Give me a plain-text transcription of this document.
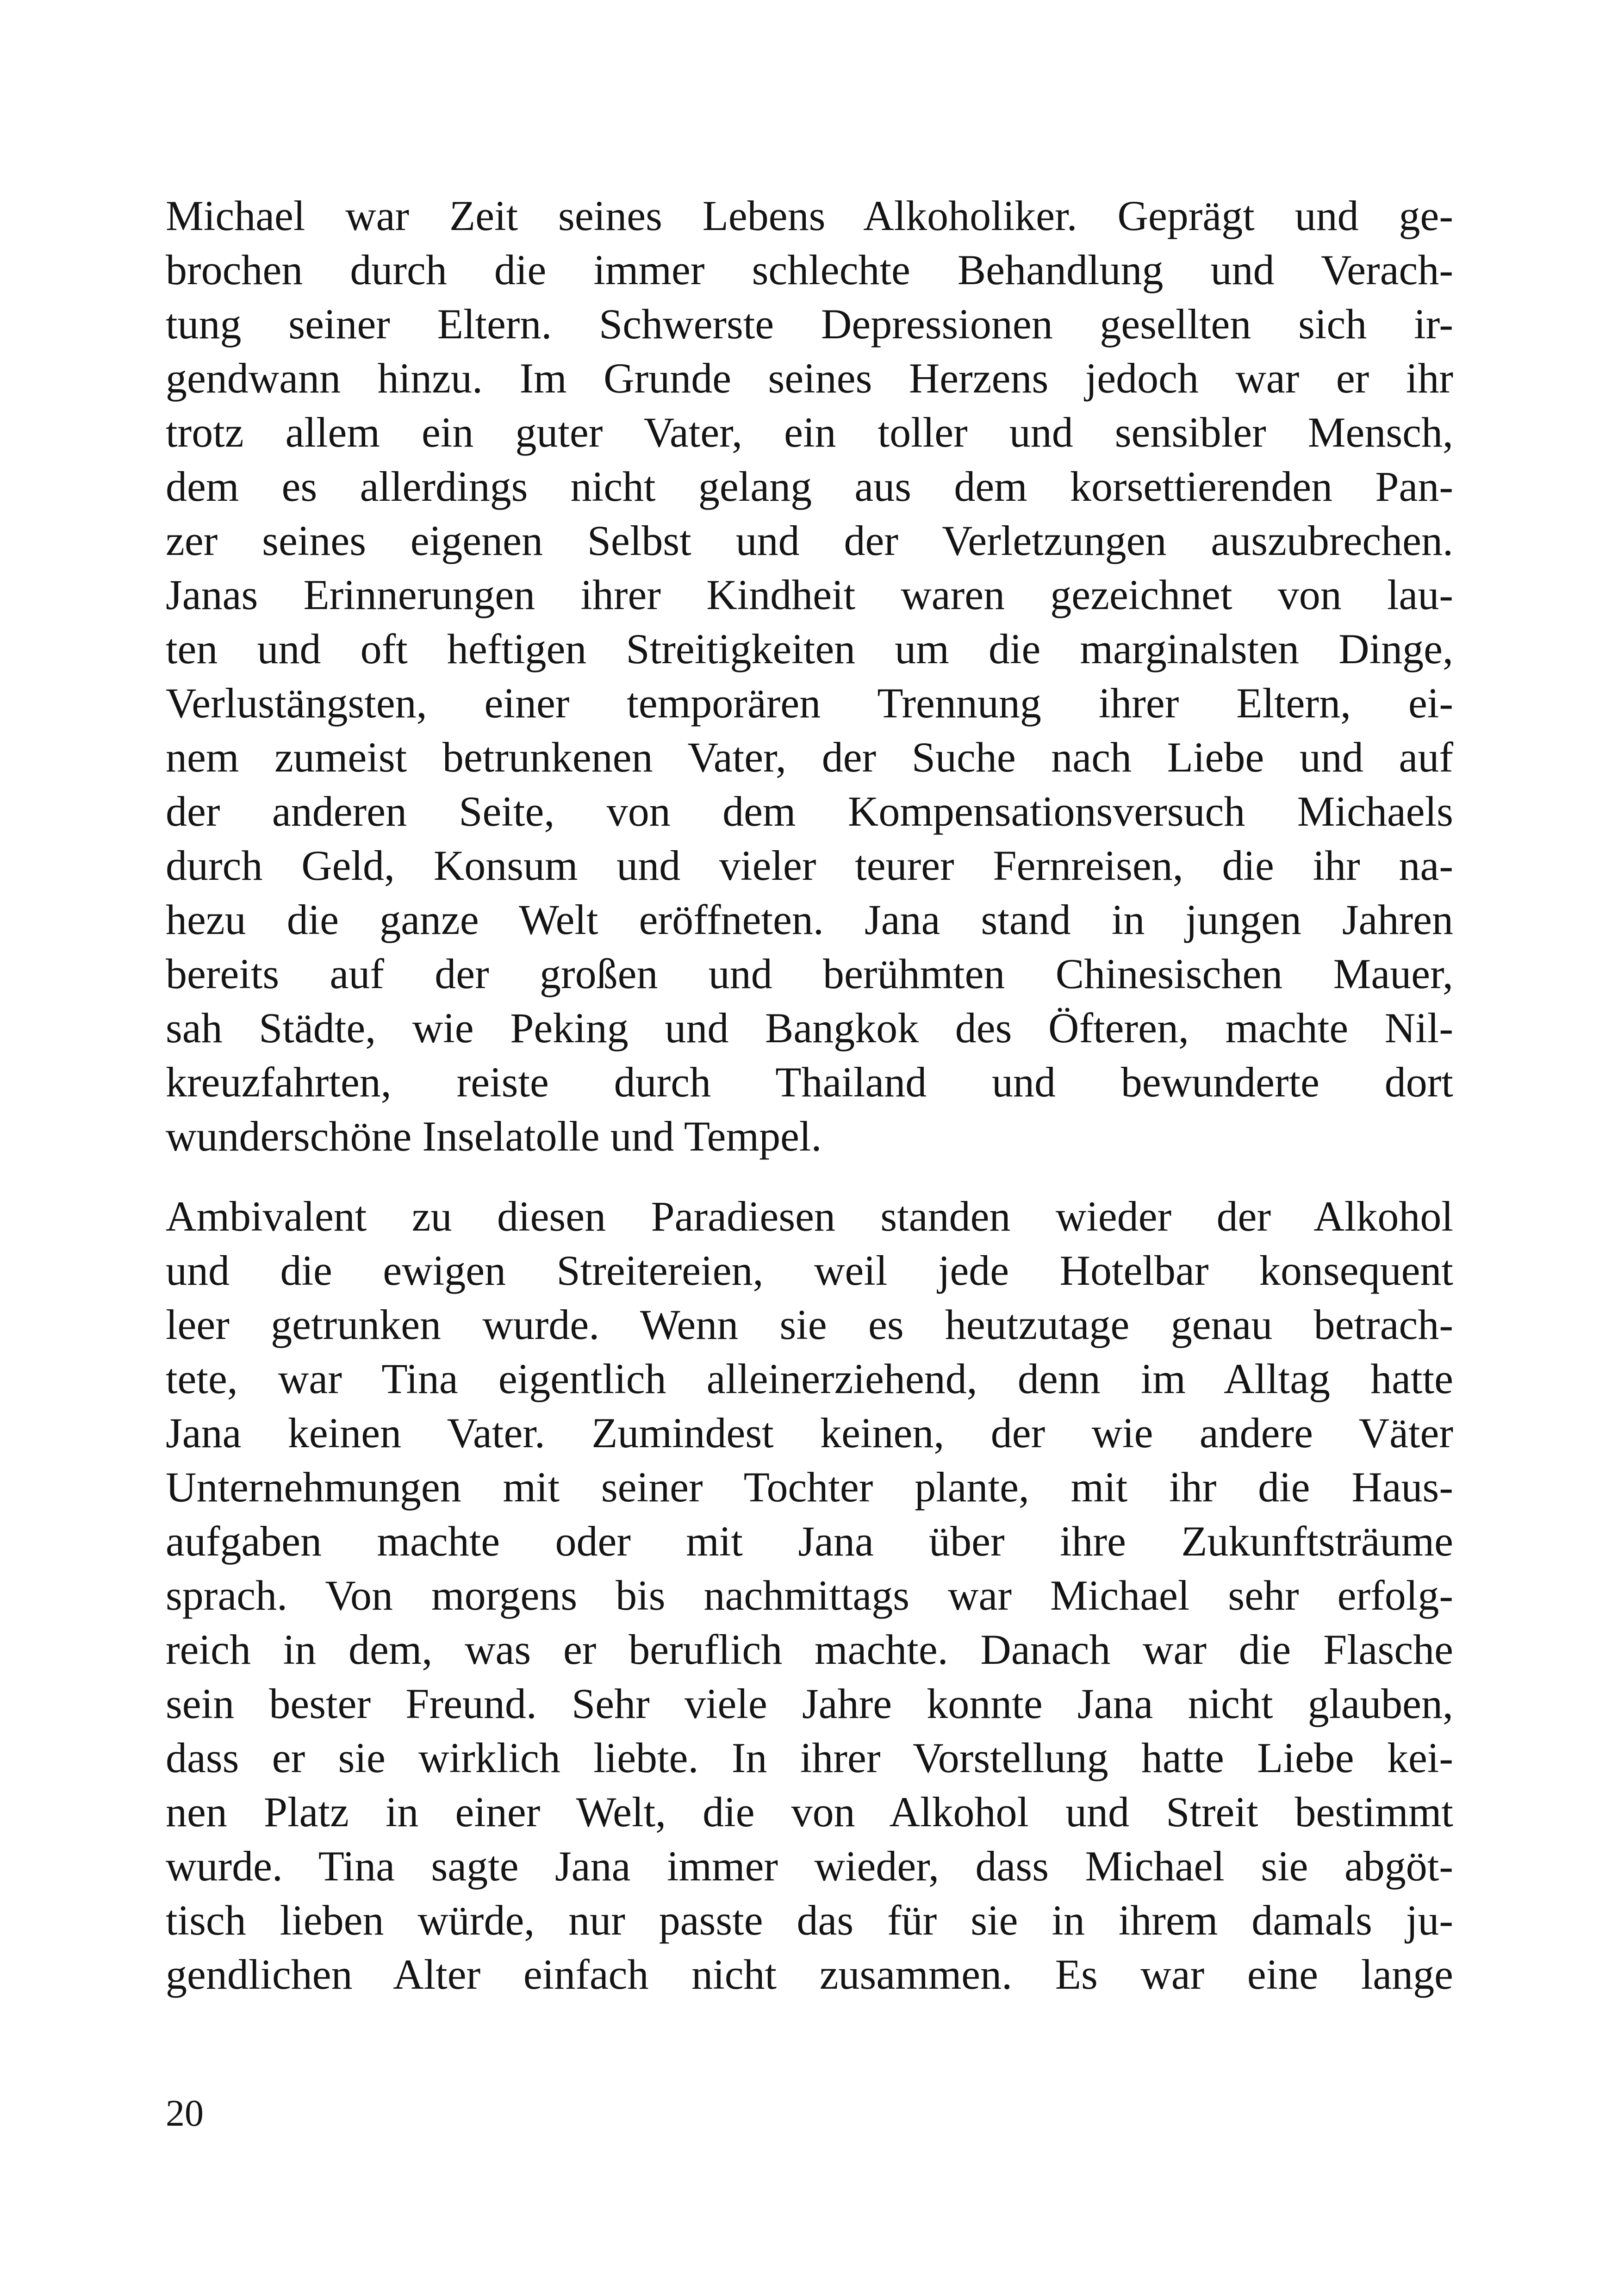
Michael war Zeit seines Lebens Alkoholiker. Geprägt und ge-
brochen durch die immer schlechte Behandlung und Verach-
tung seiner Eltern. Schwerste Depressionen gesellten sich ir-
gendwann hinzu. Im Grunde seines Herzens jedoch war er ihr
trotz allem ein guter Vater, ein toller und sensibler Mensch,
dem es allerdings nicht gelang aus dem korsettierenden Pan-
zer seines eigenen Selbst und der Verletzungen auszubrechen.
Janas Erinnerungen ihrer Kindheit waren gezeichnet von lau-
ten und oft heftigen Streitigkeiten um die marginalsten Dinge,
Verlustängsten, einer temporären Trennung ihrer Eltern, ei-
nem zumeist betrunkenen Vater, der Suche nach Liebe und auf
der anderen Seite, von dem Kompensationsversuch Michaels
durch Geld, Konsum und vieler teurer Fernreisen, die ihr na-
hezu die ganze Welt eröffneten. Jana stand in jungen Jahren
bereits auf der großen und berühmten Chinesischen Mauer,
sah Städte, wie Peking und Bangkok des Öfteren, machte Nil-
kreuzfahrten, reiste durch Thailand und bewunderte dort
wunderschöne Inselatolle und Tempel.
Ambivalent zu diesen Paradiesen standen wieder der Alkohol
und die ewigen Streitereien, weil jede Hotelbar konsequent
leer getrunken wurde. Wenn sie es heutzutage genau betrach-
tete, war Tina eigentlich alleinerziehend, denn im Alltag hatte
Jana keinen Vater. Zumindest keinen, der wie andere Väter
Unternehmungen mit seiner Tochter plante, mit ihr die Haus-
aufgaben machte oder mit Jana über ihre Zukunftsträume
sprach. Von morgens bis nachmittags war Michael sehr erfolg-
reich in dem, was er beruflich machte. Danach war die Flasche
sein bester Freund. Sehr viele Jahre konnte Jana nicht glauben,
dass er sie wirklich liebte. In ihrer Vorstellung hatte Liebe kei-
nen Platz in einer Welt, die von Alkohol und Streit bestimmt
wurde. Tina sagte Jana immer wieder, dass Michael sie abgöt-
tisch lieben würde, nur passte das für sie in ihrem damals ju-
gendlichen Alter einfach nicht zusammen. Es war eine lange
20
